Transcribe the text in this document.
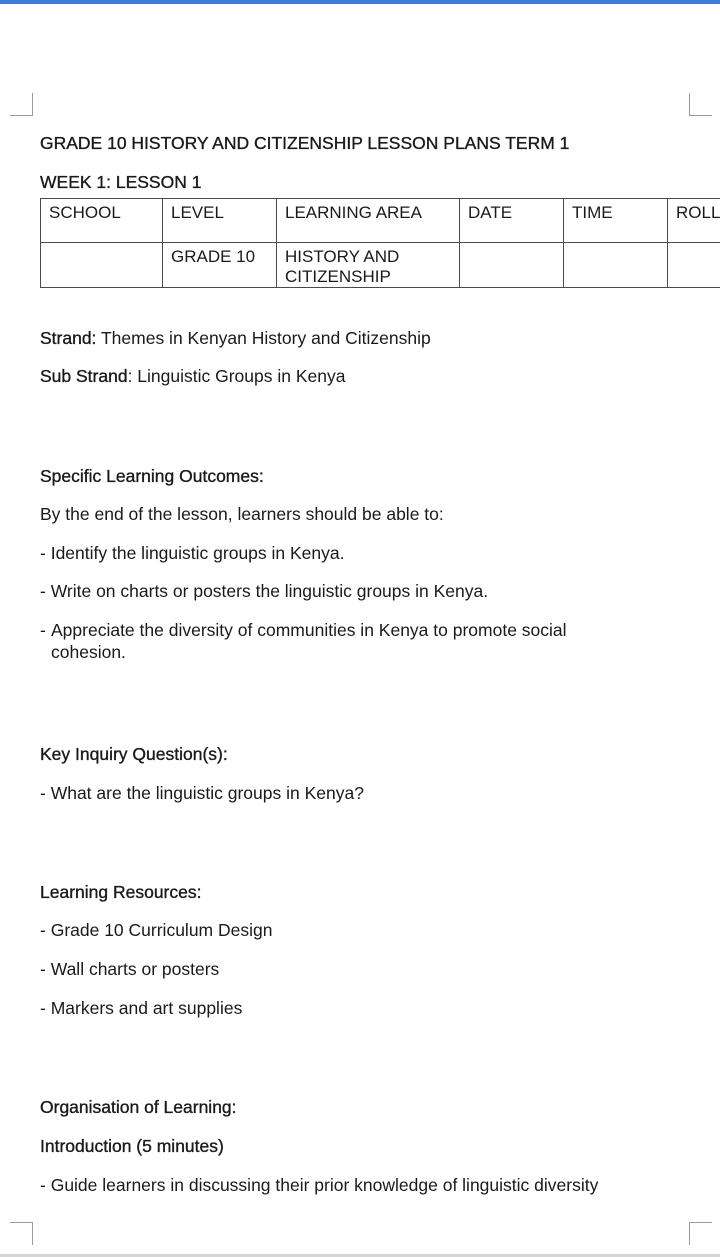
GRADE 10 HISTORY AND CITIZENSHIP LESSON PLANS TERM 1
WEEK 1: LESSON 1
SCHOOL	LEVEL	LEARNING AREA	DATE	TIME	ROLL
	GRADE 10	HISTORY AND CITIZENSHIP			
Strand: Themes in Kenyan History and Citizenship
Sub Strand: Linguistic Groups in Kenya
Specific Learning Outcomes:
By the end of the lesson, learners should be able to:
- Identify the linguistic groups in Kenya.
- Write on charts or posters the linguistic groups in Kenya.
- Appreciate the diversity of communities in Kenya to promote social cohesion.
Key Inquiry Question(s):
- What are the linguistic groups in Kenya?
Learning Resources:
- Grade 10 Curriculum Design
- Wall charts or posters
- Markers and art supplies
Organisation of Learning:
Introduction (5 minutes)
- Guide learners in discussing their prior knowledge of linguistic diversity
